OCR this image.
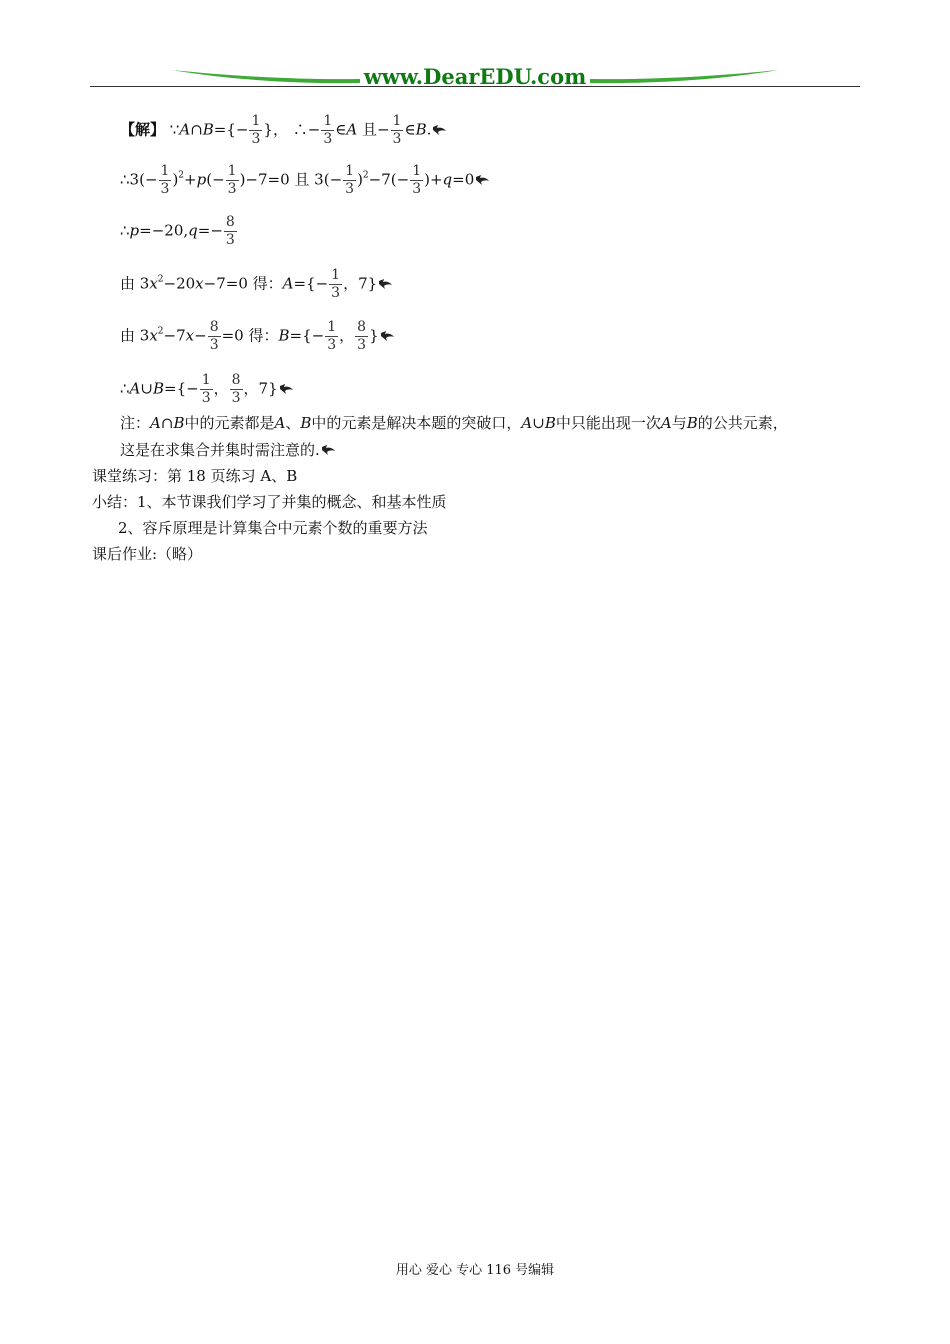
www.DearEDU.com
【解】 ∵A∩B={− $\frac{1}{3}$ }， ∴− $\frac{1}{3}$ ∈A 且− $\frac{1}{3}$ ∈B.
∴3(− $\frac{1}{3} )^2+p(- \frac{1}{3} )-7=0$ 且 $3(- \frac{1}{3} )^2-7(- \frac{1}{3} )+q=0$
∴p=−20,q=− $\frac{8}{3}$
由 $3x^2-20x-7=0$ 得：$A=\{- \frac{1}{3}$ ，7}
由 $3x^2-7x- \frac{8}{3} =0$ 得：$B=\{- \frac{1}{3}$ ， $\frac{8}{3}$ }
∴A∪B={− $\frac{1}{3}$ ， $\frac{8}{3}$ ，7}
注：A∩B中的元素都是A、B中的元素是解决本题的突破口，A∪B中只能出现一次A与B的公共元素，
这是在求集合并集时需注意的.
课堂练习：第 18 页练习 A、B
小结：1、本节课我们学习了并集的概念、和基本性质
2、容斥原理是计算集合中元素个数的重要方法
课后作业:（略）
用心 爱心 专心 116 号编辑
